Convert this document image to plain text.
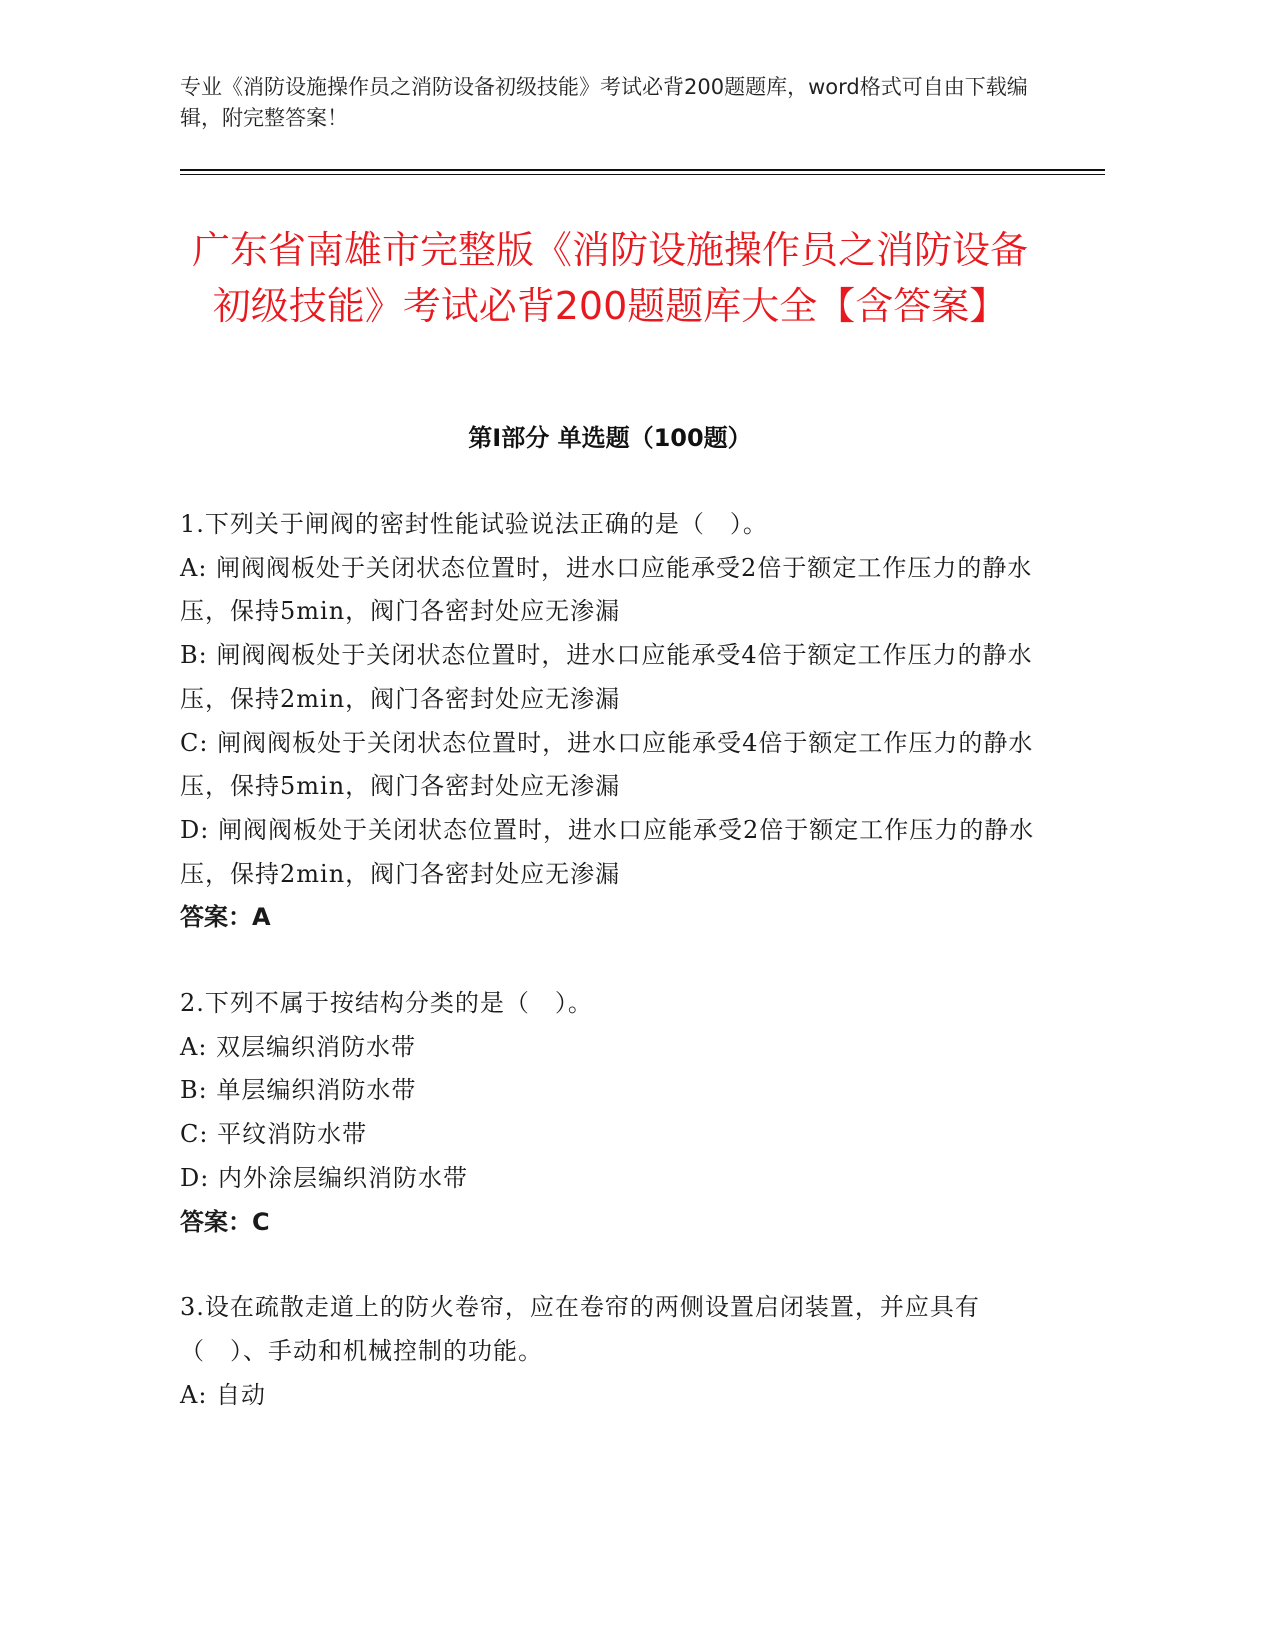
专业《消防设施操作员之消防设备初级技能》考试必背200题题库，word格式可自由下载编辑，附完整答案！
广东省南雄市完整版《消防设施操作员之消防设备初级技能》考试必背200题题库大全【含答案】
第I部分 单选题（100题）
1.下列关于闸阀的密封性能试验说法正确的是（　）。
A: 闸阀阀板处于关闭状态位置时，进水口应能承受2倍于额定工作压力的静水压，保持5min，阀门各密封处应无渗漏
B: 闸阀阀板处于关闭状态位置时，进水口应能承受4倍于额定工作压力的静水压，保持2min，阀门各密封处应无渗漏
C: 闸阀阀板处于关闭状态位置时，进水口应能承受4倍于额定工作压力的静水压，保持5min，阀门各密封处应无渗漏
D: 闸阀阀板处于关闭状态位置时，进水口应能承受2倍于额定工作压力的静水压，保持2min，阀门各密封处应无渗漏
答案：A
2.下列不属于按结构分类的是（　）。
A: 双层编织消防水带
B: 单层编织消防水带
C: 平纹消防水带
D: 内外涂层编织消防水带
答案：C
3.设在疏散走道上的防火卷帘，应在卷帘的两侧设置启闭装置，并应具有（　）、手动和机械控制的功能。
A: 自动
